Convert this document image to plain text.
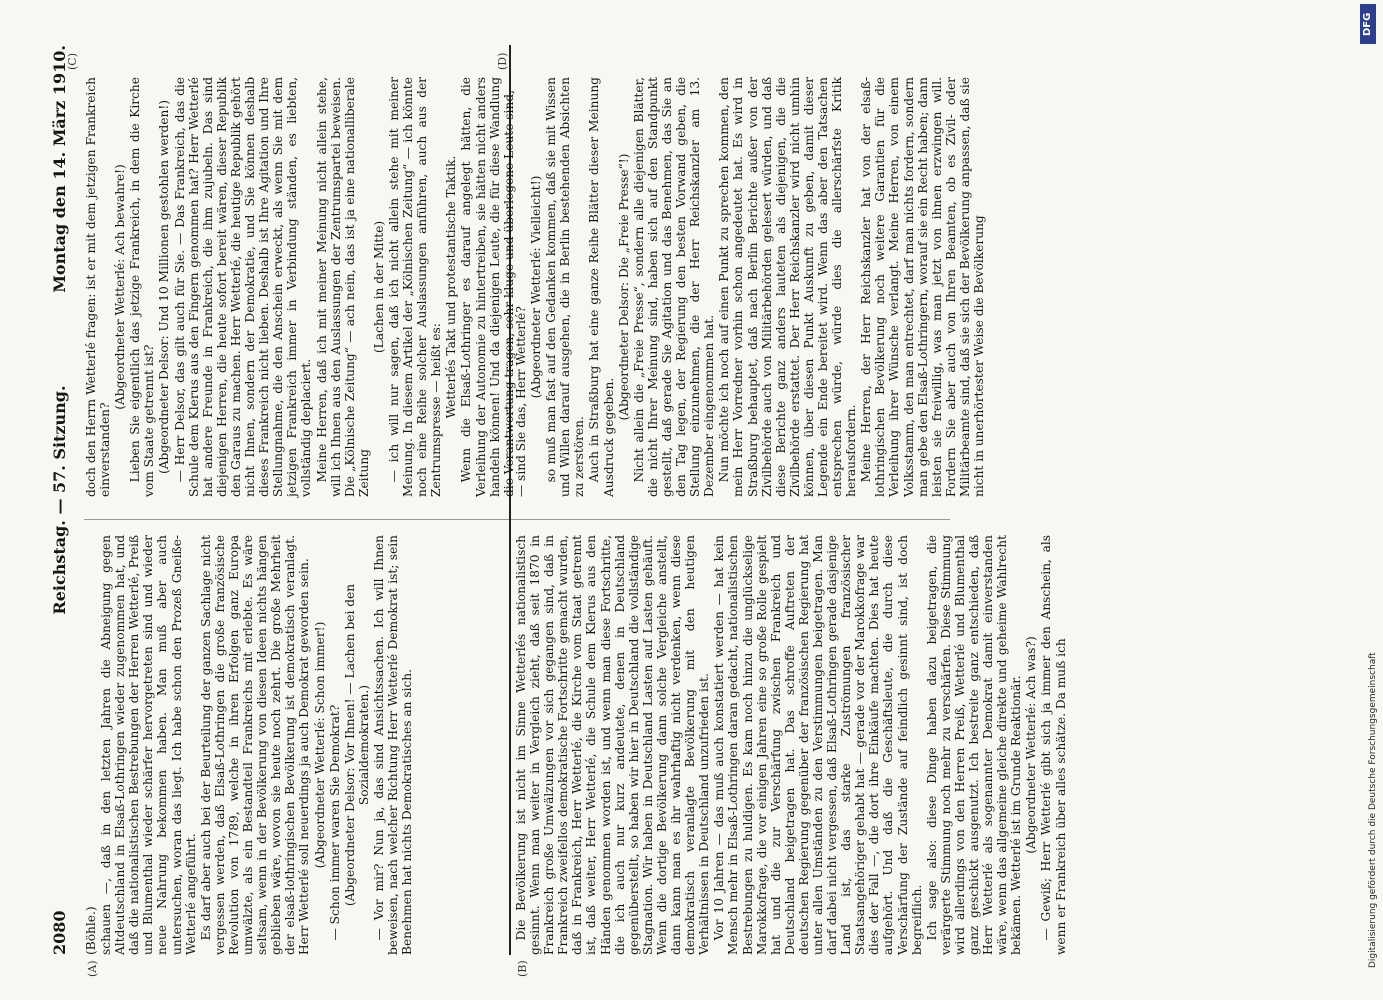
2080
Reichstag. — 57. Sitzung.
Montag den 14. März 1910.
(A)	(B)
(C)	(D)

(Böhle.) schauen —, daß in den letzten Jahren die Abneigung gegen Altdeutschland in Elsaß-Lothringen wieder zugenommen hat, und daß die nationalistischen Bestrebungen der Herren Wetterlé, Preiß und Blumenthal wieder schärfer hervorgetreten sind und wieder neue Nahrung bekommen haben. Man muß aber auch untersuchen, woran das liegt. Ich habe schon den Prozeß Gneiße-Wetterlé angeführt. Es darf aber auch bei der Beurteilung der ganzen Sachlage nicht vergessen werden, daß Elsaß-Lothringen die große französische Revolution von 1789, welche in ihren Erfolgen ganz Europa umwälzte, als ein Bestandteil Frankreichs mit erlebte. Es wäre seltsam, wenn in der Bevölkerung von diesen Ideen nichts hängen geblieben wäre, wovon sie heute noch zehrt. Die große Mehrheit der elsaß-lothringischen Bevölkerung ist demokratisch veranlagt. Herr Wetterlé soll neuerdings ja auch Demokrat geworden sein. (Abgeordneter Wetterlé: Schon immer!) — Schon immer waren Sie Demokrat? (Abgeordneter Delsor: Vor Ihnen! — Lachen bei den Sozialdemokraten.) — Vor mir? Nun ja, das sind Ansichtssachen. Ich will Ihnen beweisen, nach welcher Richtung Herr Wetterlé Demokrat ist; sein Benehmen hat nichts Demokratisches an sich.	Die Bevölkerung ist nicht im Sinne Wetterlés nationalistisch gesinnt. Wenn man weiter in Vergleich zieht, daß seit 1870 in Frankreich große Umwälzungen vor sich gegangen sind, daß in Frankreich zweifellos demokratische Fortschritte gemacht wurden, daß in Frankreich, Herr Wetterlé, die Kirche vom Staat getrennt ist, daß weiter, Herr Wetterlé, die Schule dem Klerus aus den Händen genommen worden ist, und wenn man diese Fortschritte, die ich auch nur kurz andeutete, denen in Deutschland gegenüberstellt, so haben wir hier in Deutschland die vollständige Stagnation. Wir haben in Deutschland Lasten auf Lasten gehäuft. Wenn die dortige Bevölkerung dann solche Vergleiche anstellt, dann kann man es ihr wahrhaftig nicht verdenken, wenn diese demokratisch veranlagte Bevölkerung mit den heutigen Verhältnissen in Deutschland unzufrieden ist. Vor 10 Jahren — das muß auch konstatiert werden — hat kein Mensch mehr in Elsaß-Lothringen daran gedacht, nationalistischen Bestrebungen zu huldigen. Es kam noch hinzu die unglückselige Marokkofrage, die vor einigen Jahren eine so große Rolle gespielt hat und die zur Verschärfung zwischen Frankreich und Deutschland beigetragen hat. Das schroffe Auftreten der deutschen Regierung gegenüber der französischen Regierung hat unter allen Umständen zu den Verstimmungen beigetragen. Man darf dabei nicht vergessen, daß Elsaß-Lothringen gerade dasjenige Land ist, das starke Zuströmungen französischer Staatsangehöriger gehabt hat — gerade vor der Marokkofrage war dies der Fall —, die dort ihre Einkäufe machten. Dies hat heute aufgehört. Und daß die Geschäftsleute, die durch diese Verschärfung der Zustände auf feindlich gesinnt sind, ist doch begreiflich. Ich sage also: diese Dinge haben dazu beigetragen, die verärgerte Stimmung noch mehr zu verschärfen. Diese Stimmung wird allerdings von den Herren Preiß, Wetterlé und Blumenthal ganz geschickt ausgenutzt. Ich bestreite ganz entschieden, daß Herr Wetterlé als sogenannter Demokrat damit einverstanden wäre, wenn das allgemeine gleiche direkte und geheime Wahlrecht bekämen. Wetterlé ist im Grunde Reaktionär. (Abgeordneter Wetterlé: Ach was?) — Gewiß; Herr Wetterlé gibt sich ja immer den Anschein, als wenn er Frankreich über alles schätze. Da muß ich

doch den Herrn Wetterlé fragen: ist er mit dem jetzigen Frankreich einverstanden?

(Abgeordneter Wetterlé: Ach bewahre!) Lieben Sie eigentlich das jetzige Frankreich, in dem die Kirche vom Staate getrennt ist? (Abgeordneter Delsor: Und 10 Millionen gestohlen werden!) — Herr Delsor, das gilt auch für Sie. — Das Frankreich, das die Schule dem Klerus aus den Fingern genommen hat? Herr Wetterlé hat andere Freunde in Frankreich, die ihm zujubeln. Das sind diejenigen Herren, die heute sofort bereit wären, dieser Republik den Garaus zu machen. Herr Wetterlé, die heutige Republik gehört nicht Ihnen, sondern der Demokratie, und Sie können deshalb dieses Frankreich nicht lieben. Deshalb ist Ihre Agitation und Ihre Stellungnahme, die den Anschein erweckt, als wenn Sie mit dem jetzigen Frankreich immer in Verbindung ständen, es liebten, vollständig deplaciert. Meine Herren, daß ich mit meiner Meinung nicht allein stehe, will ich Ihnen aus den Auslassungen der Zentrumspartei beweisen. Die „Kölnische Zeitung“ — ach nein, das ist ja eine nationalliberale Zeitung

(Lachen in der Mitte) — ich will nur sagen, daß ich nicht allein stehe mit meiner Meinung. In diesem Artikel der „Kölnischen Zeitung“ — ich könnte noch eine Reihe solcher Auslassungen anführen, auch aus der Zentrumspresse — heißt es: Wetterlés Takt und protestantische Taktik. Wenn die Elsaß-Lothringer es darauf angelegt hätten, die Verleihung der Autonomie zu hintertreiben, sie hätten nicht anders handeln können! Und da diejenigen Leute, die für diese Wandlung die Verantwortung tragen, sehr kluge und überlegene Leute sind,

— sind Sie das, Herr Wetterlé?

(Abgeordneter Wetterlé: Vielleicht!) so muß man fast auf den Gedanken kommen, daß sie mit Wissen und Willen darauf ausgehen, die in Berlin bestehenden Absichten zu zerstören. Auch in Straßburg hat eine ganze Reihe Blätter dieser Meinung Ausdruck gegeben.

(Abgeordneter Delsor: Die „Freie Presse“!) Nicht allein die „Freie Presse“, sondern alle diejenigen Blätter, die nicht Ihrer Meinung sind, haben sich auf den Standpunkt gestellt, daß gerade Sie Agitation und das Benehmen, das Sie an den Tag legen, der Regierung den besten Vorwand geben, die Stellung einzunehmen, die der Herr Reichskanzler am 13. Dezember eingenommen hat. Nun möchte ich noch auf einen Punkt zu sprechen kommen, den mein Herr Vorredner vorhin schon angedeutet hat. Es wird in Straßburg behauptet, daß nach Berlin Berichte außer von der Zivilbehörde auch von Militärbehörden gelesert würden, und daß diese Berichte ganz anders lauteten als diejenigen, die die Zivilbehörde erstattet. Der Herr Reichskanzler wird nicht umhin können, über diesen Punkt Auskunft zu geben, damit dieser Legende ein Ende bereitet wird. Wenn das aber den Tatsachen entsprechen würde, würde dies die allerschärfste Kritik herausfordern. Meine Herren, der Herr Reichskanzler hat von der elsaß-lothringischen Bevölkerung noch weitere Garantien für die Verleihung ihrer Wünsche verlangt. Meine Herren, von einem Volksstamm, den man entrechtet, darf man nichts fordern, sondern man gebe den Elsaß-Lothringern, worauf sie ein Recht haben; dann leisten sie freiwillig, was man jetzt von ihnen erzwingen will. Fordern Sie aber auch von Ihren Beamten, ob es Zivil- oder Militärbeamte sind, daß sie sich der Bevölkerung anpassen, daß sie nicht in unerhörtester Weise die Bevölkerung

DFG
Digitalisierung gefördert durch die Deutsche Forschungsgemeinschaft
